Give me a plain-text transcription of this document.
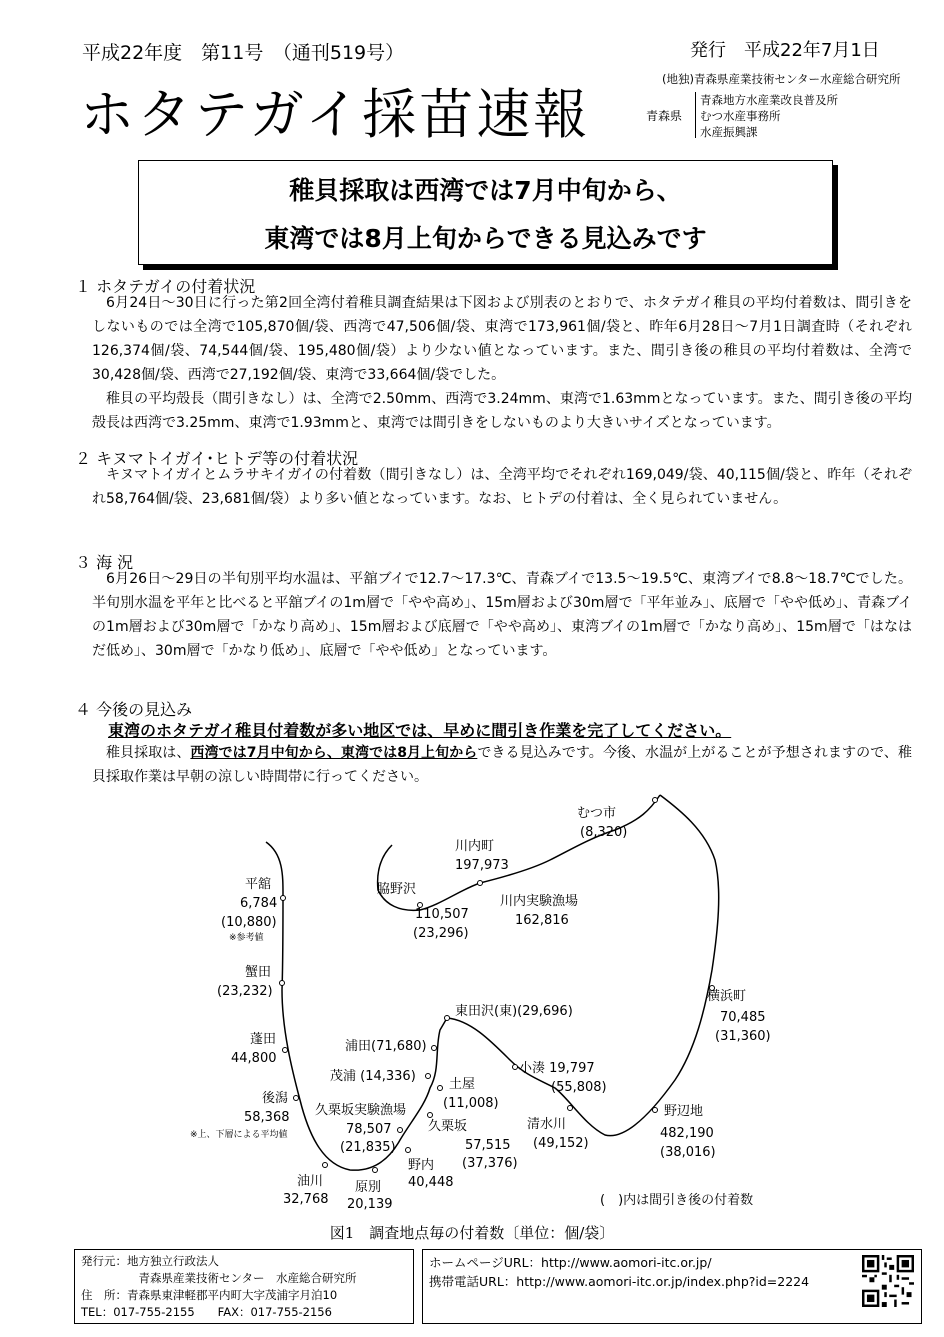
平成22年度　第11号　（通刊519号）	発行　平成22年7月1日
(地独)青森県産業技術センター水産総合研究所
ホタテガイ採苗速報	青森県
青森地方水産業改良普及所
むつ水産事務所
水産振興課
稚貝採取は西湾では7月中旬から、
東湾では8月上旬からできる見込みです
１ ホタテガイの付着状況

6月24日～30日に行った第2回全湾付着稚貝調査結果は下図および別表のとおりで、ホタテガイ稚貝の平均付着数は、間引きをしないものでは全湾で105,870個/袋、西湾で47,506個/袋、東湾で173,961個/袋と、昨年6月28日～7月1日調査時（それぞれ126,374個/袋、74,544個/袋、195,480個/袋）より少ない値となっています。また、間引き後の稚貝の平均付着数は、全湾で30,428個/袋、西湾で27,192個/袋、東湾で33,664個/袋でした。

稚貝の平均殻長（間引きなし）は、全湾で2.50mm、西湾で3.24mm、東湾で1.63mmとなっています。また、間引き後の平均殻長は西湾で3.25mm、東湾で1.93mmと、東湾では間引きをしないものより大きいサイズとなっています。

２ キヌマトイガイ･ヒトデ等の付着状況

キヌマトイガイとムラサキイガイの付着数（間引きなし）は、全湾平均でそれぞれ169,049/袋、40,115個/袋と、昨年（それぞれ58,764個/袋、23,681個/袋）より多い値となっています。なお、ヒトデの付着は、全く見られていません。

３ 海 況

6月26日～29日の半旬別平均水温は、平舘ブイで12.7～17.3℃、青森ブイで13.5～19.5℃、東湾ブイで8.8～18.7℃でした。半旬別水温を平年と比べると平舘ブイの1m層で「やや高め」、15m層および30m層で「平年並み」、底層で「やや低め」、青森ブイの1m層および30m層で「かなり高め」、15m層および底層で「やや高め」、東湾ブイの1m層で「かなり高め」、15m層で「はなはだ低め」、30m層で「かなり低め」、底層で「やや低め」となっています。

４ 今後の見込み
東湾のホタテガイ稚貝付着数が多い地区では、早めに間引き作業を完了してください。

稚貝採取は、西湾では7月中旬から、東湾では8月上旬からできる見込みです。今後、水温が上がることが予想されますので、稚貝採取作業は早朝の涼しい時間帯に行ってください。

むつ市
(8,320)
川内町
197,973
脇野沢
110,507
(23,296)
川内実験漁場
162,816
平舘
6,784
(10,880)
※参考値
蟹田
(23,232)	横浜町
70,485
(31,360)
東田沢(東)(29,696)
蓬田
44,800
浦田(71,680)
茂浦 (14,336)
小湊 19,797
(55,808)
土屋
(11,008)
後潟
58,368
※上、下層による平均値
久栗坂実験漁場
78,507
(21,835)
久栗坂
57,515
(37,376)
清水川
(49,152)
野辺地
482,190
(38,016)
野内
40,448
油川
32,768
原別
20,139	(　)内は間引き後の付着数
図1　調査地点毎の付着数〔単位：個/袋〕
発行元：地方独立行政法人
　　　　　青森県産業技術センター　水産総合研究所
住　所：青森県東津軽郡平内町大字茂浦字月泊10
TEL：017-755-2155　　FAX：017-755-2156
ホームページURL：http://www.aomori-itc.or.jp/
携帯電話URL：http://www.aomori-itc.or.jp/index.php?id=2224
